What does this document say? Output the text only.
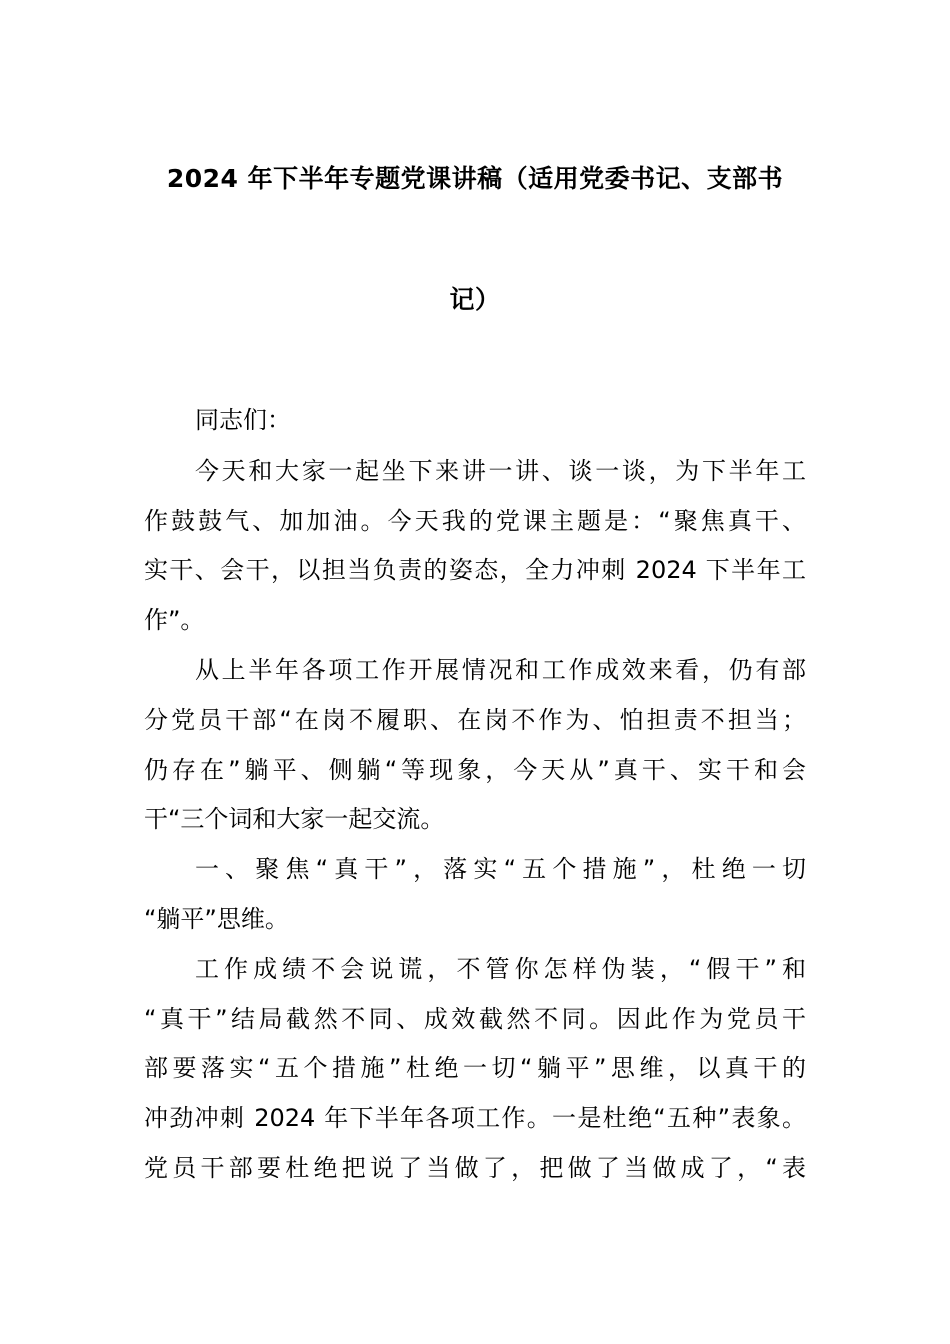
2024 年下半年专题党课讲稿（适用党委书记、支部书
记）
同志们：
今天和大家一起坐下来讲一讲、谈一谈，为下半年工
作鼓鼓气、加加油。今天我的党课主题是：“聚焦真干、
实干、会干，以担当负责的姿态，全力冲刺 2024 下半年工
作”。
从上半年各项工作开展情况和工作成效来看，仍有部
分党员干部“在岗不履职、在岗不作为、怕担责不担当；
仍存在”躺平、侧躺“等现象，今天从”真干、实干和会
干“三个词和大家一起交流。
一、聚焦“真干”，落实“五个措施”，杜绝一切
“躺平”思维。
工作成绩不会说谎，不管你怎样伪装，“假干”和
“真干”结局截然不同、成效截然不同。因此作为党员干
部要落实“五个措施”杜绝一切“躺平”思维，以真干的
冲劲冲刺 2024 年下半年各项工作。一是杜绝“五种”表象。
党员干部要杜绝把说了当做了，把做了当做成了，“表
